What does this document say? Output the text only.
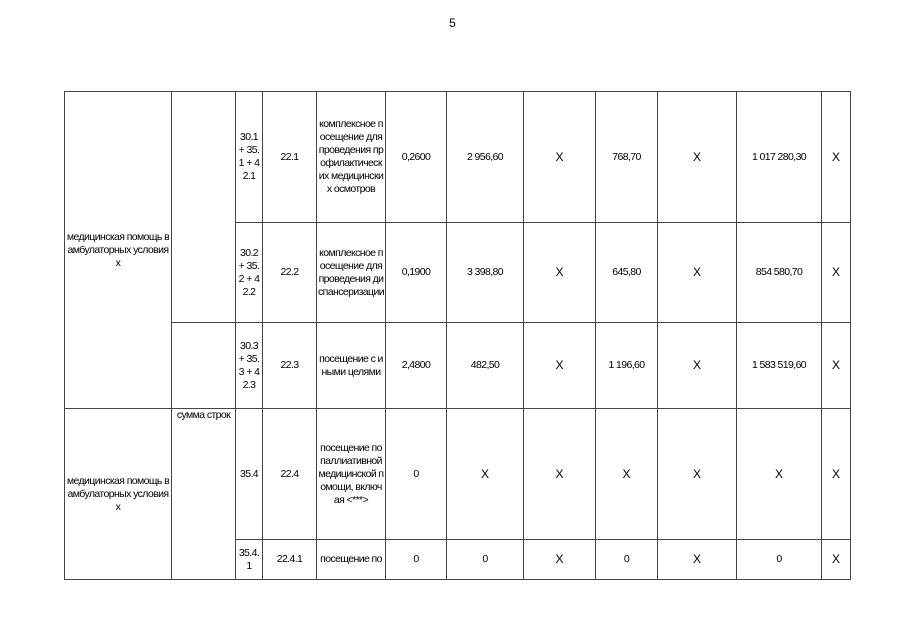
5
медицинская помощь в амбулаторных условиях		30.1 + 35.1 + 42.1	22.1	комплексное посещение для проведения профилактических медицинских осмотров	0,2600	2 956,60	X	768,70	X	1 017 280,30	X
		30.2 + 35.2 + 42.2	22.2	комплексное посещение для проведения диспансеризации	0,1900	3 398,80	X	645,80	X	854 580,70	X
		30.3 + 35.3 + 42.3	22.3	посещение с иными целями	2,4800	482,50	X	1 196,60	X	1 583 519,60	X
медицинская помощь в амбулаторных условиях	сумма строк	35.4	22.4	посещение по паллиативной медицинской помощи, включая <***>	0	X	X	X	X	X	X
		35.4.1	22.4.1	посещение по	0	0	X	0	X	0	X
